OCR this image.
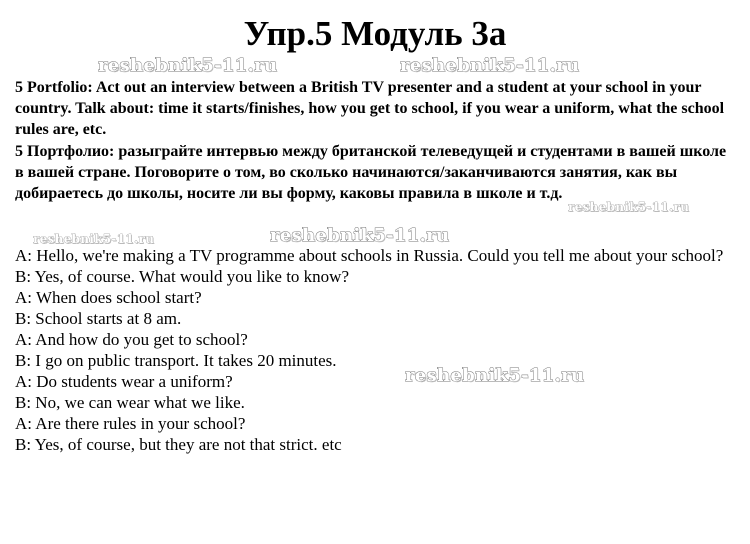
Упр.5 Модуль 3а

5 Portfolio: Act out an interview between a British TV presenter and a student at your school in your country. Talk about: time it starts/finishes, how you get to school, if you wear a uniform, what the school rules are, etc.

5 Портфолио: разыграйте интервью между британской телеведущей и студентами в вашей школе в вашей стране. Поговорите о том, во сколько начинаются/заканчиваются занятия, как вы добираетесь до школы, носите ли вы форму, каковы правила в школе и т.д.

A: Hello, we're making a TV programme about schools in Russia. Could you tell me about your school?
B: Yes, of course. What would you like to know?
A: When does school start?
B: School starts at 8 am.
A: And how do you get to school?
B: I go on public transport. It takes 20 minutes.
A: Do students wear a uniform?
B: No, we can wear what we like.
A: Are there rules in your school?
B: Yes, of course, but they are not that strict. etc
reshebnik5-11.ru	reshebnik5-11.ru
reshebnik5-11.ru
reshebnik5-11.ru	reshebnik5-11.ru
reshebnik5-11.ru
